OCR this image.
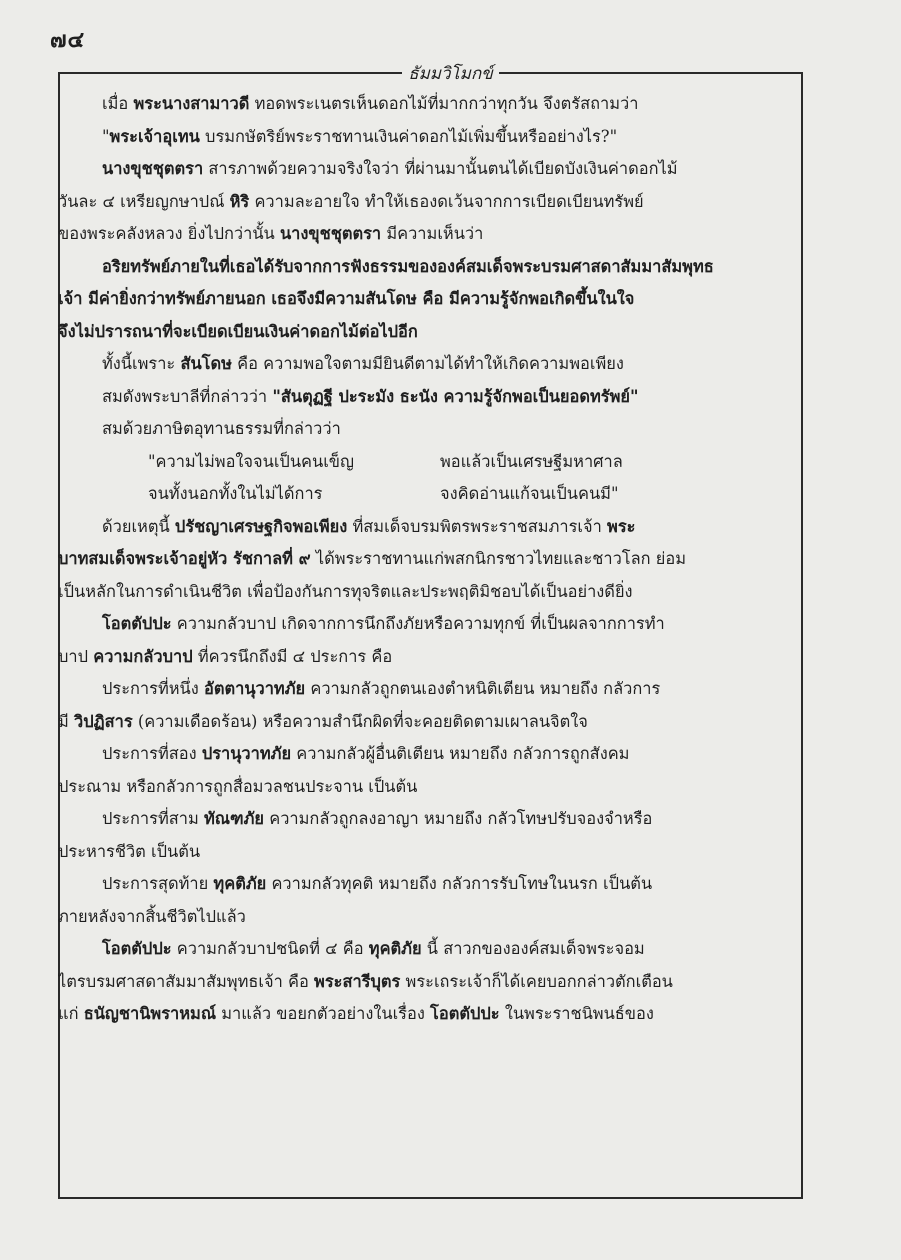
๗๔
ธัมมวิโมกข์
เมื่อ พระนางสามาวดี ทอดพระเนตรเห็นดอกไม้ที่มากกว่าทุกวัน จึงตรัสถามว่า
"พระเจ้าอุเทน บรมกษัตริย์พระราชทานเงินค่าดอกไม้เพิ่มขึ้นหรืออย่างไร?"
นางขุชชุตตรา สารภาพด้วยความจริงใจว่า ที่ผ่านมานั้นตนได้เบียดบังเงินค่าดอกไม้
วันละ ๔ เหรียญกษาปณ์ หิริ ความละอายใจ ทำให้เธองดเว้นจากการเบียดเบียนทรัพย์
ของพระคลังหลวง ยิ่งไปกว่านั้น นางขุชชุตตรา มีความเห็นว่า
อริยทรัพย์ภายในที่เธอได้รับจากการฟังธรรมขององค์สมเด็จพระบรมศาสดาสัมมาสัมพุทธ
เจ้า มีค่ายิ่งกว่าทรัพย์ภายนอก เธอจึงมีความสันโดษ คือ มีความรู้จักพอเกิดขึ้นในใจ
จึงไม่ปรารถนาที่จะเบียดเบียนเงินค่าดอกไม้ต่อไปอีก
ทั้งนี้เพราะ สันโดษ คือ ความพอใจตามมียินดีตามได้ทำให้เกิดความพอเพียง
สมดังพระบาลีที่กล่าวว่า "สันตุฏฐี ปะระมัง ธะนัง ความรู้จักพอเป็นยอดทรัพย์"
สมด้วยภาษิตอุทานธรรมที่กล่าวว่า
"ความไม่พอใจจนเป็นคนเข็ญ	พอแล้วเป็นเศรษฐีมหาศาล
จนทั้งนอกทั้งในไม่ได้การ	จงคิดอ่านแก้จนเป็นคนมี"
ด้วยเหตุนี้ ปรัชญาเศรษฐกิจพอเพียง ที่สมเด็จบรมพิตรพระราชสมภารเจ้า พระ
บาทสมเด็จพระเจ้าอยู่หัว รัชกาลที่ ๙ ได้พระราชทานแก่พสกนิกรชาวไทยและชาวโลก ย่อม
เป็นหลักในการดำเนินชีวิต เพื่อป้องกันการทุจริตและประพฤติมิชอบได้เป็นอย่างดียิ่ง
โอตตัปปะ ความกลัวบาป เกิดจากการนึกถึงภัยหรือความทุกข์ ที่เป็นผลจากการทำ
บาป ความกลัวบาป ที่ควรนึกถึงมี ๔ ประการ คือ
ประการที่หนึ่ง อัตตานุวาทภัย ความกลัวถูกตนเองตำหนิติเตียน หมายถึง กลัวการ
มี วิปฏิสาร (ความเดือดร้อน) หรือความสำนึกผิดที่จะคอยติดตามเผาลนจิตใจ
ประการที่สอง ปรานุวาทภัย ความกลัวผู้อื่นติเตียน หมายถึง กลัวการถูกสังคม
ประณาม หรือกลัวการถูกสื่อมวลชนประจาน เป็นต้น
ประการที่สาม ทัณฑภัย ความกลัวถูกลงอาญา หมายถึง กลัวโทษปรับจองจำหรือ
ประหารชีวิต เป็นต้น
ประการสุดท้าย ทุคติภัย ความกลัวทุคติ หมายถึง กลัวการรับโทษในนรก เป็นต้น
ภายหลังจากสิ้นชีวิตไปแล้ว
โอตตัปปะ ความกลัวบาปชนิดที่ ๔ คือ ทุคติภัย นี้ สาวกขององค์สมเด็จพระจอม
ไตรบรมศาสดาสัมมาสัมพุทธเจ้า คือ พระสารีบุตร พระเถระเจ้าก็ได้เคยบอกกล่าวตักเตือน
แก่ ธนัญชานิพราหมณ์ มาแล้ว ขอยกตัวอย่างในเรื่อง โอตตัปปะ ในพระราชนิพนธ์ของ
